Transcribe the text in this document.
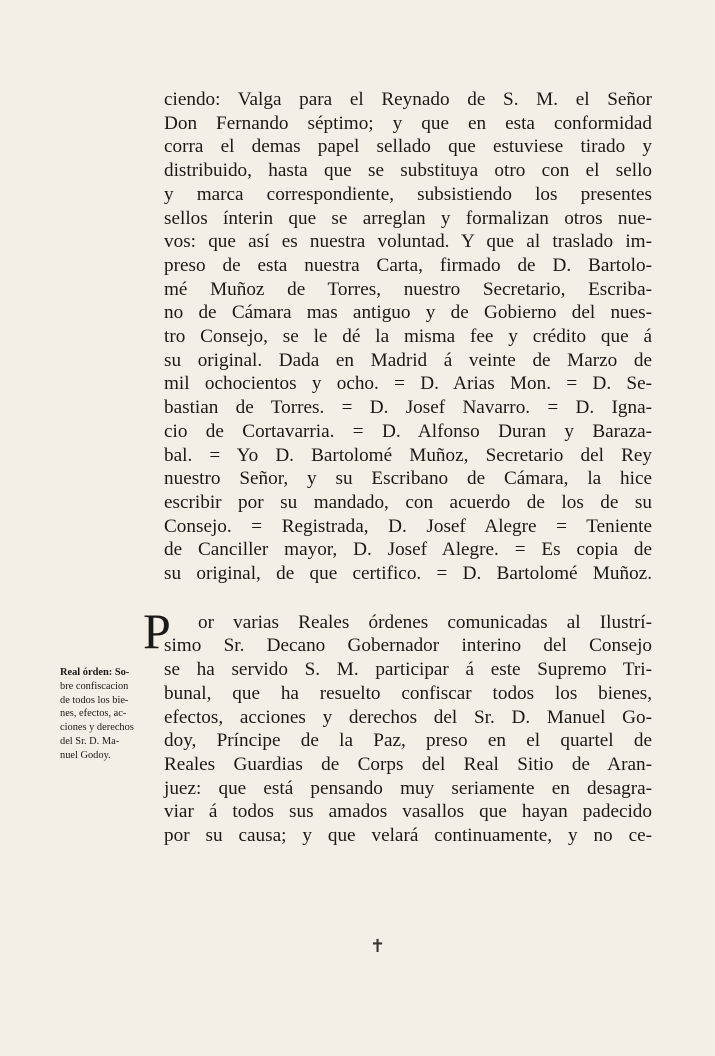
ciendo: Valga para el Reynado de S. M. el Señor
Don Fernando séptimo; y que en esta conformidad
corra el demas papel sellado que estuviese tirado y
distribuido, hasta que se substituya otro con el sello
y marca correspondiente, subsistiendo los presentes
sellos ínterin que se arreglan y formalizan otros nue-
vos: que así es nuestra voluntad. Y que al traslado im-
preso de esta nuestra Carta, firmado de D. Bartolo-
mé Muñoz de Torres, nuestro Secretario, Escriba-
no de Cámara mas antiguo y de Gobierno del nues-
tro Consejo, se le dé la misma fee y crédito que á
su original. Dada en Madrid á veinte de Marzo de
mil ochocientos y ocho. = D. Arias Mon. = D. Se-
bastian de Torres. = D. Josef Navarro. = D. Igna-
cio de Cortavarria. = D. Alfonso Duran y Baraza-
bal. = Yo D. Bartolomé Muñoz, Secretario del Rey
nuestro Señor, y su Escribano de Cámara, la hice
escribir por su mandado, con acuerdo de los de su
Consejo. = Registrada, D. Josef Alegre = Teniente
de Canciller mayor, D. Josef Alegre. = Es copia de
su original, de que certifico. = D. Bartolomé Muñoz.
P	or varias Reales órdenes comunicadas al Ilustrí-
simo Sr. Decano Gobernador interino del Consejo
se ha servido S. M. participar á este Supremo Tri-
bunal, que ha resuelto confiscar todos los bienes,
efectos, acciones y derechos del Sr. D. Manuel Go-
doy, Príncipe de la Paz, preso en el quartel de
Reales Guardias de Corps del Real Sitio de Aran-
juez: que está pensando muy seriamente en desagra-
viar á todos sus amados vasallos que hayan padecido
por su causa; y que velará continuamente, y no ce-
Real órden: So-
bre confiscacion
de todos los bie-
nes, efectos, ac-
ciones y derechos
del Sr. D. Ma-
nuel Godoy.
✝
